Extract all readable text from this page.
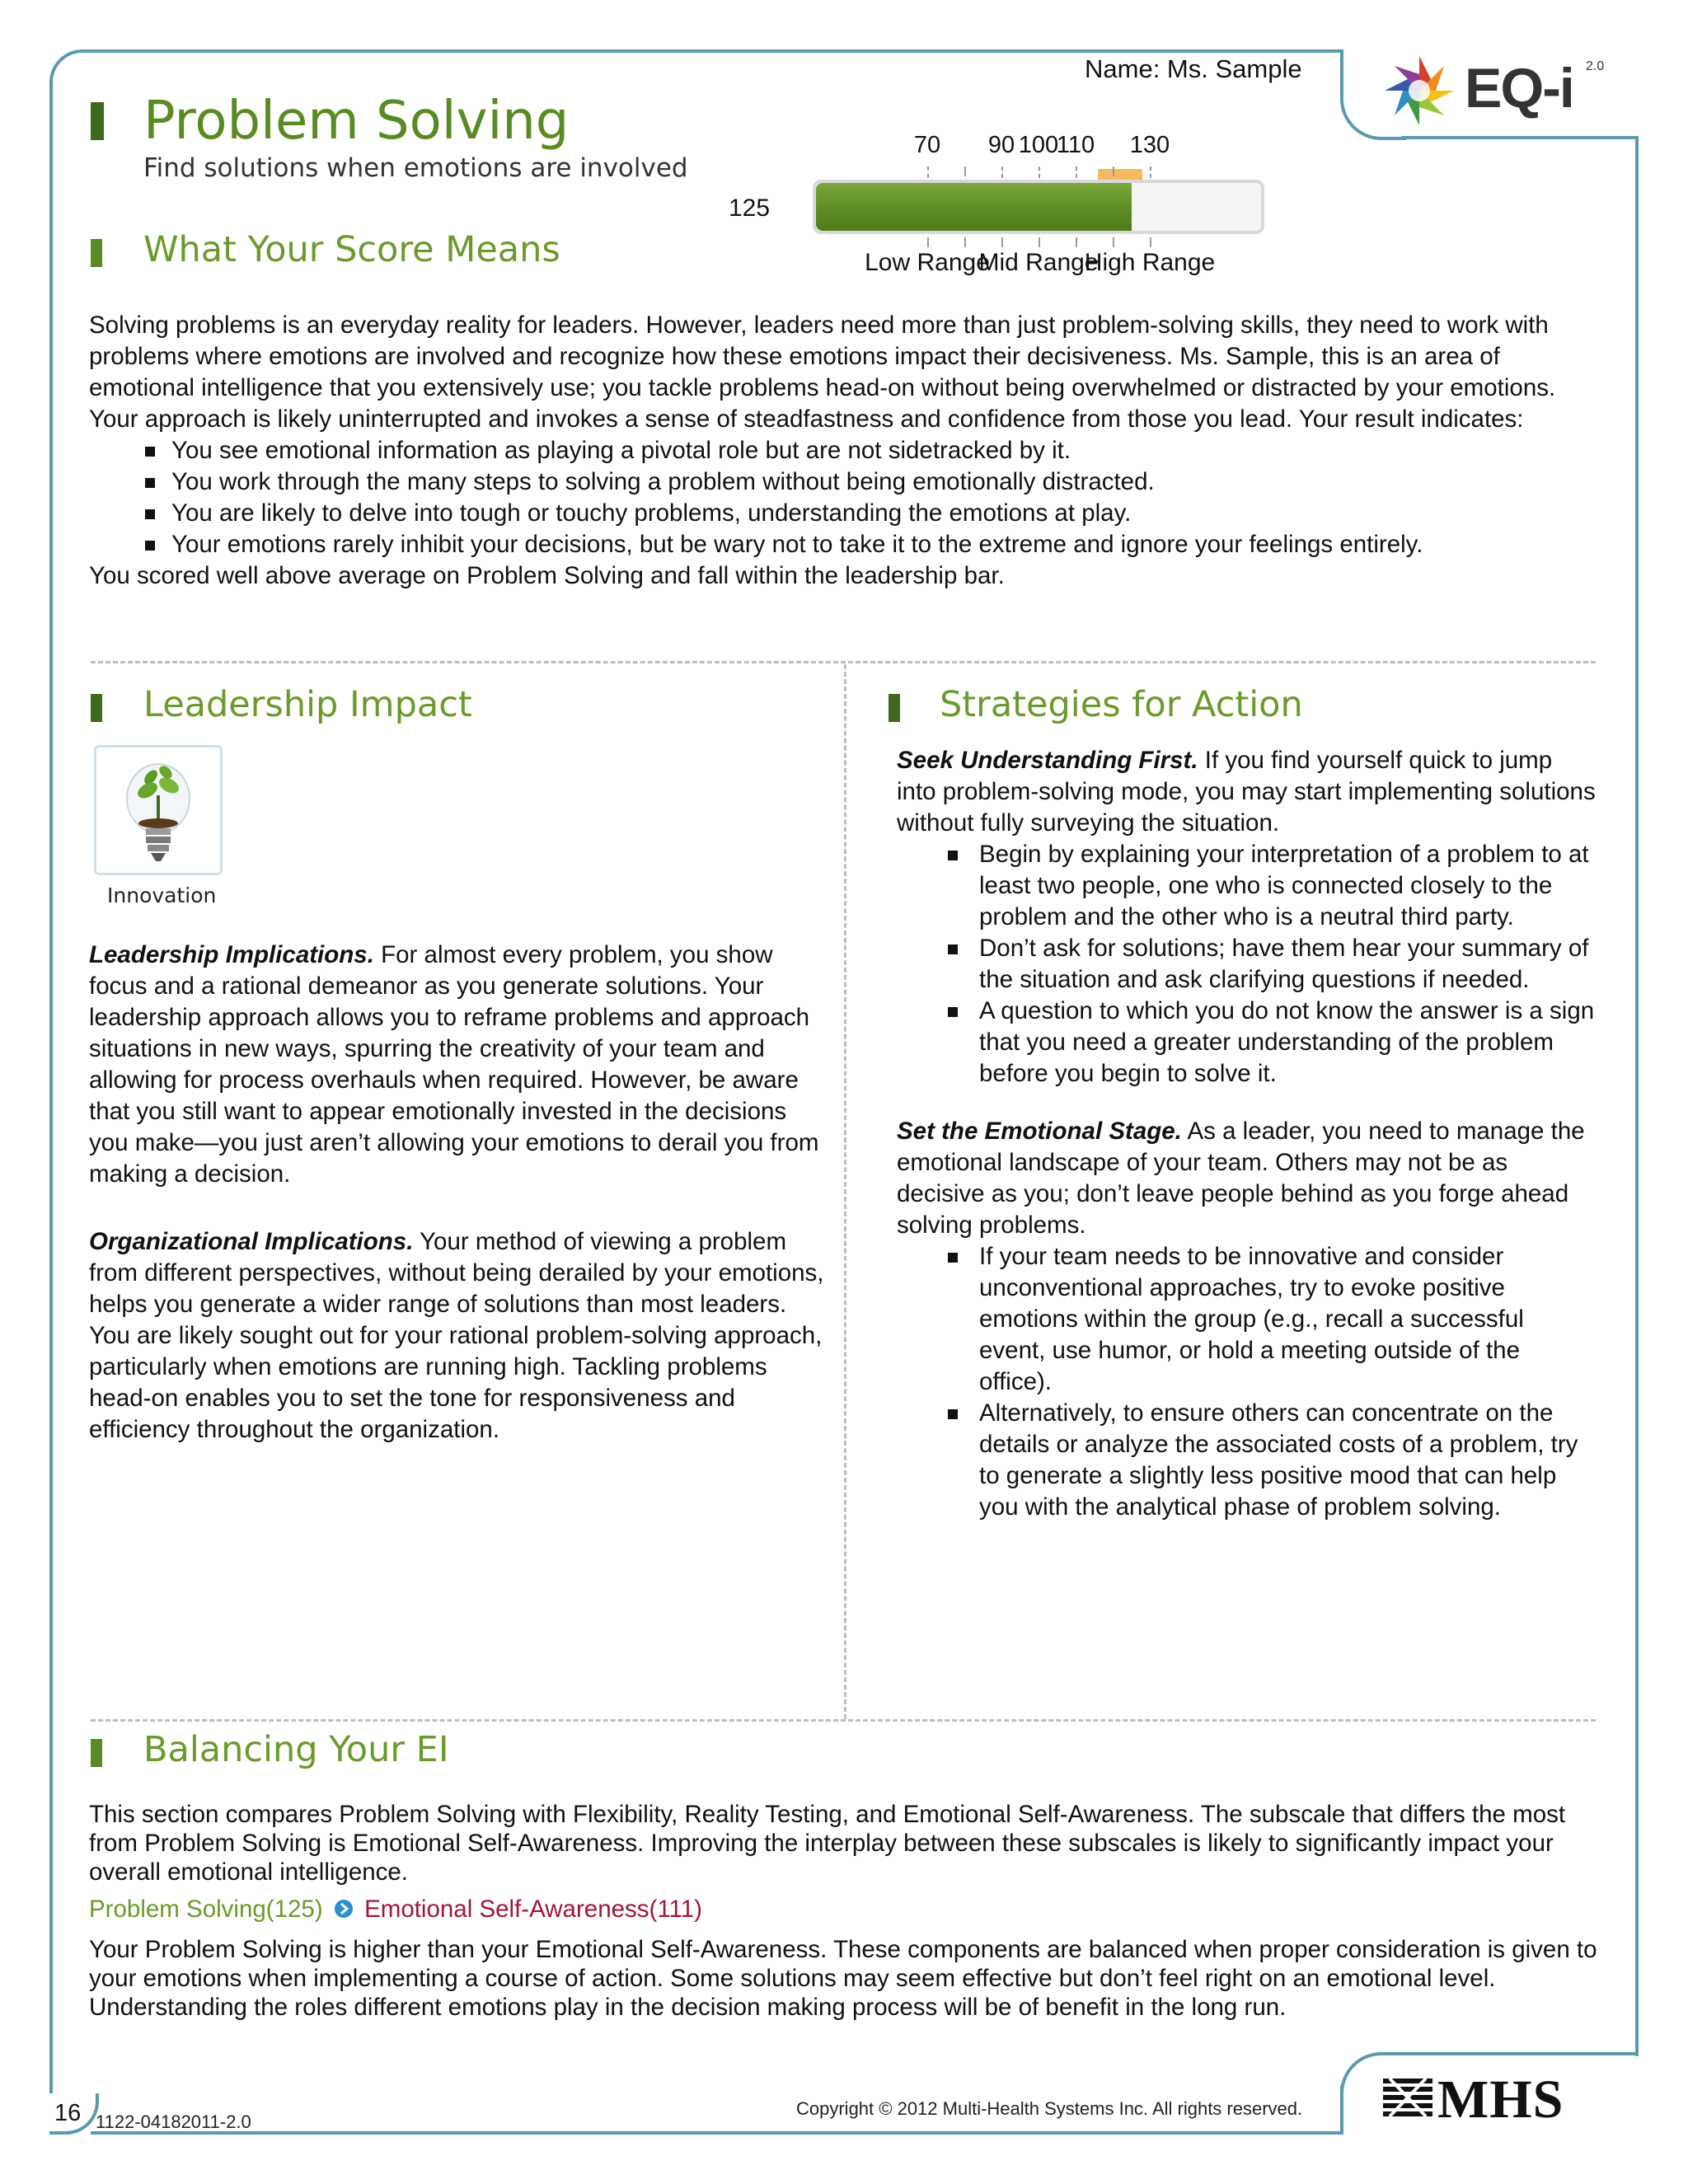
Name: Ms. Sample	EQ-i 2.0
Problem Solving
Find solutions when emotions are involved
125
70 90 100
110 130
Low Range
Mid Range
High Range
What Your Score Means
Solving problems is an everyday reality for leaders. However, leaders need more than just problem-solving skills, they need to work with problems where emotions are involved and recognize how these emotions impact their decisiveness. Ms. Sample, this is an area of emotional intelligence that you extensively use; you tackle problems head-on without being overwhelmed or distracted by your emotions. Your approach is likely uninterrupted and invokes a sense of steadfastness and confidence from those you lead. Your result indicates:
You see emotional information as playing a pivotal role but are not sidetracked by it.
You work through the many steps to solving a problem without being emotionally distracted.
You are likely to delve into tough or touchy problems, understanding the emotions at play.
Your emotions rarely inhibit your decisions, but be wary not to take it to the extreme and ignore your feelings entirely.
You scored well above average on Problem Solving and fall within the leadership bar.
Leadership Impact
Innovation
Leadership Implications. For almost every problem, you show focus and a rational demeanor as you generate solutions. Your leadership approach allows you to reframe problems and approach situations in new ways, spurring the creativity of your team and allowing for process overhauls when required. However, be aware that you still want to appear emotionally invested in the decisions you make—you just aren’t allowing your emotions to derail you from making a decision.
Organizational Implications. Your method of viewing a problem from different perspectives, without being derailed by your emotions, helps you generate a wider range of solutions than most leaders. You are likely sought out for your rational problem-solving approach, particularly when emotions are running high. Tackling problems head-on enables you to set the tone for responsiveness and efficiency throughout the organization.
Strategies for Action
Seek Understanding First. If you find yourself quick to jump into problem-solving mode, you may start implementing solutions without fully surveying the situation.
Begin by explaining your interpretation of a problem to at least two people, one who is connected closely to the problem and the other who is a neutral third party.
Don’t ask for solutions; have them hear your summary of the situation and ask clarifying questions if needed.
A question to which you do not know the answer is a sign that you need a greater understanding of the problem before you begin to solve it.
Set the Emotional Stage. As a leader, you need to manage the emotional landscape of your team. Others may not be as decisive as you; don’t leave people behind as you forge ahead solving problems.
If your team needs to be innovative and consider unconventional approaches, try to evoke positive emotions within the group (e.g., recall a successful event, use humor, or hold a meeting outside of the office).
Alternatively, to ensure others can concentrate on the details or analyze the associated costs of a problem, try to generate a slightly less positive mood that can help you with the analytical phase of problem solving.
Balancing Your EI
This section compares Problem Solving with Flexibility, Reality Testing, and Emotional Self-Awareness. The subscale that differs the most from Problem Solving is Emotional Self-Awareness. Improving the interplay between these subscales is likely to significantly impact your overall emotional intelligence.
Problem Solving(125) Emotional Self-Awareness(111)
Your Problem Solving is higher than your Emotional Self-Awareness. These components are balanced when proper consideration is given to your emotions when implementing a course of action. Some solutions may seem effective but don’t feel right on an emotional level. Understanding the roles different emotions play in the decision making process will be of benefit in the long run.
16 1122-04182011-2.0
Copyright © 2012 Multi-Health Systems Inc. All rights reserved. MHS
